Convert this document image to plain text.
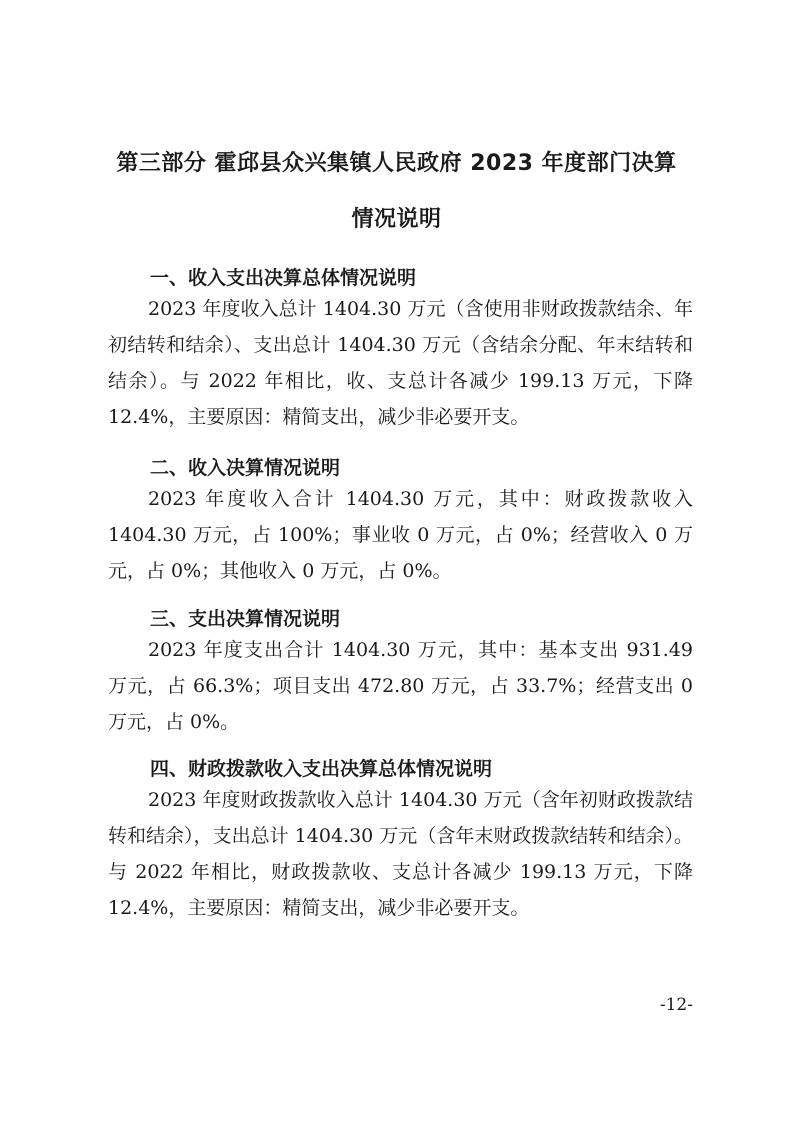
第三部分 霍邱县众兴集镇人民政府 2023 年度部门决算
情况说明
一、收入支出决算总体情况说明

2023 年度收入总计 1404.30 万元（含使用非财政拨款结余、年初结转和结余）、支出总计 1404.30 万元（含结余分配、年末结转和结余）。与 2022 年相比，收、支总计各减少 199.13 万元，下降 12.4%，主要原因：精简支出，减少非必要开支。

二、收入决算情况说明

2023 年度收入合计 1404.30 万元，其中：财政拨款收入 1404.30 万元，占 100%；事业收 0 万元，占 0%；经营收入 0 万元，占 0%；其他收入 0 万元，占 0%。

三、支出决算情况说明

2023 年度支出合计 1404.30 万元，其中：基本支出 931.49 万元，占 66.3%；项目支出 472.80 万元，占 33.7%；经营支出 0 万元，占 0%。

四、财政拨款收入支出决算总体情况说明

2023 年度财政拨款收入总计 1404.30 万元（含年初财政拨款结转和结余），支出总计 1404.30 万元（含年末财政拨款结转和结余）。与 2022 年相比，财政拨款收、支总计各减少 199.13 万元，下降 12.4%，主要原因：精简支出，减少非必要开支。

-12-
